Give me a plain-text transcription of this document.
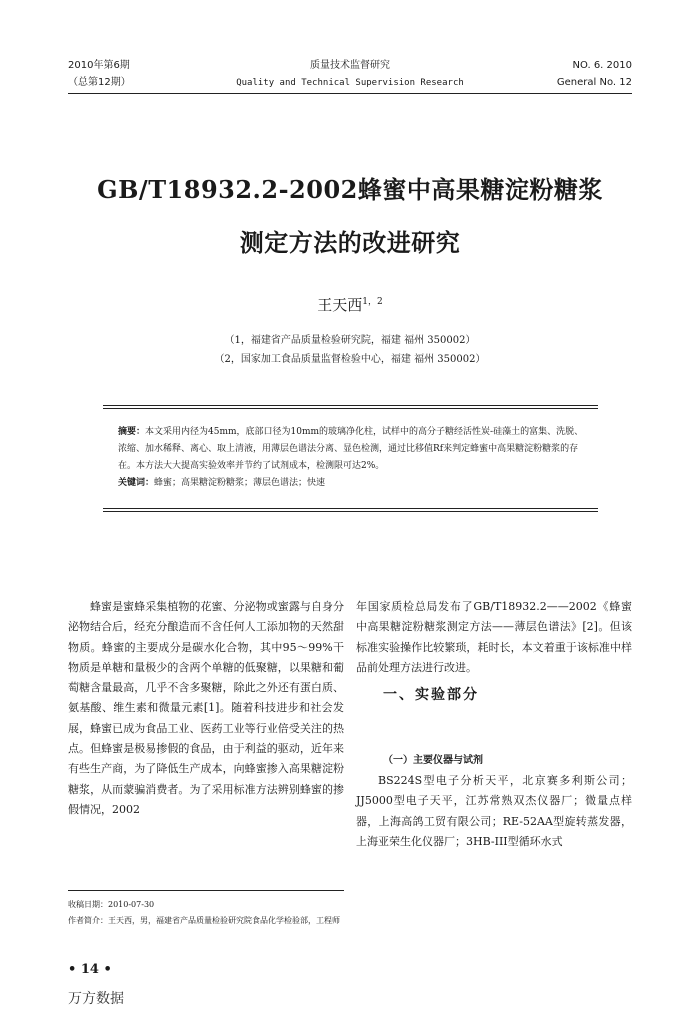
2010年第6期
（总第12期）
质量技术监督研究
Quality and Technical Supervision Research
NO. 6. 2010
General No. 12
GB/T18932.2-2002蜂蜜中高果糖淀粉糖浆
测定方法的改进研究
王天西$^{1,2}$
（1，福建省产品质量检验研究院，福建 福州 350002）
（2，国家加工食品质量监督检验中心，福建 福州 350002）
摘要：本文采用内径为45mm，底部口径为10mm的玻璃净化柱，试样中的高分子糖经活性炭-硅藻土的富集、洗脱、浓缩、加水稀释、离心、取上清液，用薄层色谱法分离、显色检测，通过比移值Rf来判定蜂蜜中高果糖淀粉糖浆的存在。本方法大大提高实验效率并节约了试剂成本，检测限可达2%。
关键词：蜂蜜；高果糖淀粉糖浆；薄层色谱法；快速

蜂蜜是蜜蜂采集植物的花蜜、分泌物或蜜露与自身分泌物结合后，经充分酿造而不含任何人工添加物的天然甜物质。蜂蜜的主要成分是碳水化合物，其中95～99%干物质是单糖和量极少的含两个单糖的低聚糖，以果糖和葡萄糖含量最高，几乎不含多聚糖，除此之外还有蛋白质、氨基酸、维生素和微量元素[1]。随着科技进步和社会发展，蜂蜜已成为食品工业、医药工业等行业倍受关注的热点。但蜂蜜是极易掺假的食品，由于利益的驱动，近年来有些生产商，为了降低生产成本，向蜂蜜掺入高果糖淀粉糖浆，从而蒙骗消费者。为了采用标准方法辨别蜂蜜的掺假情况，2002

年国家质检总局发布了GB/T18932.2——2002《蜂蜜中高果糖淀粉糖浆测定方法——薄层色谱法》[2]。但该标准实验操作比较繁琐，耗时长，本文着重于该标准中样品前处理方法进行改进。

一、实验部分
（一）主要仪器与试剂

BS224S型电子分析天平，北京赛多利斯公司；JJ5000型电子天平，江苏常熟双杰仪器厂；微量点样器，上海高鸽工贸有限公司；RE-52AA型旋转蒸发器，上海亚荣生化仪器厂；3HB-III型循环水式

收稿日期：2010-07-30
作者简介：王天西，男，福建省产品质量检验研究院食品化学检验部，工程师
• 14 •
万方数据
